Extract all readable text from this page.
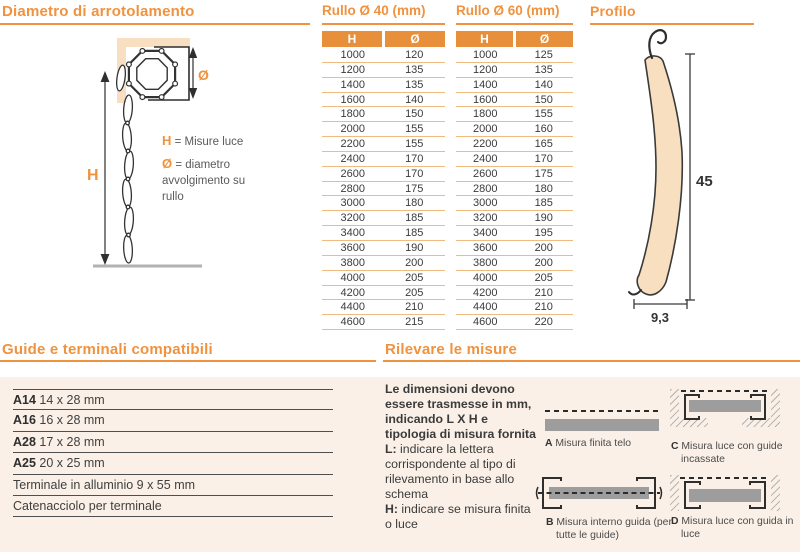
Diametro di arrotolamento
H
Ø
H = Misure luce
Ø = diametro avvolgimento su rullo
Rullo Ø 40 (mm)
H	Ø
1000	120
1200	135
1400	135
1600	140
1800	150
2000	155
2200	155
2400	170
2600	170
2800	175
3000	180
3200	185
3400	185
3600	190
3800	200
4000	205
4200	205
4400	210
4600	215
Rullo Ø 60 (mm)
H	Ø
1000	125
1200	135
1400	140
1600	150
1800	155
2000	160
2200	165
2400	170
2600	175
2800	180
3000	185
3200	190
3400	195
3600	200
3800	200
4000	205
4200	210
4400	210
4600	220
Profilo
45
9,3
Guide e terminali compatibili	Rilevare le misure
A14 14 x 28 mm
A16 16 x 28 mm
A28 17 x 28 mm
A25 20 x 25 mm
Terminale in alluminio 9 x 55 mm
Catenacciolo per terminale

Le dimensioni devono essere trasmesse in mm, indicando L X H e tipologia di misura fornita

L: indicare la lettera corrispondente al tipo di rilevamento in base allo schema

H: indicare se misura finita o luce

A Misura finita telo	C Misura luce con guide incassate
B Misura interno guida (per tutte le guide)
D Misura luce con guida in luce
